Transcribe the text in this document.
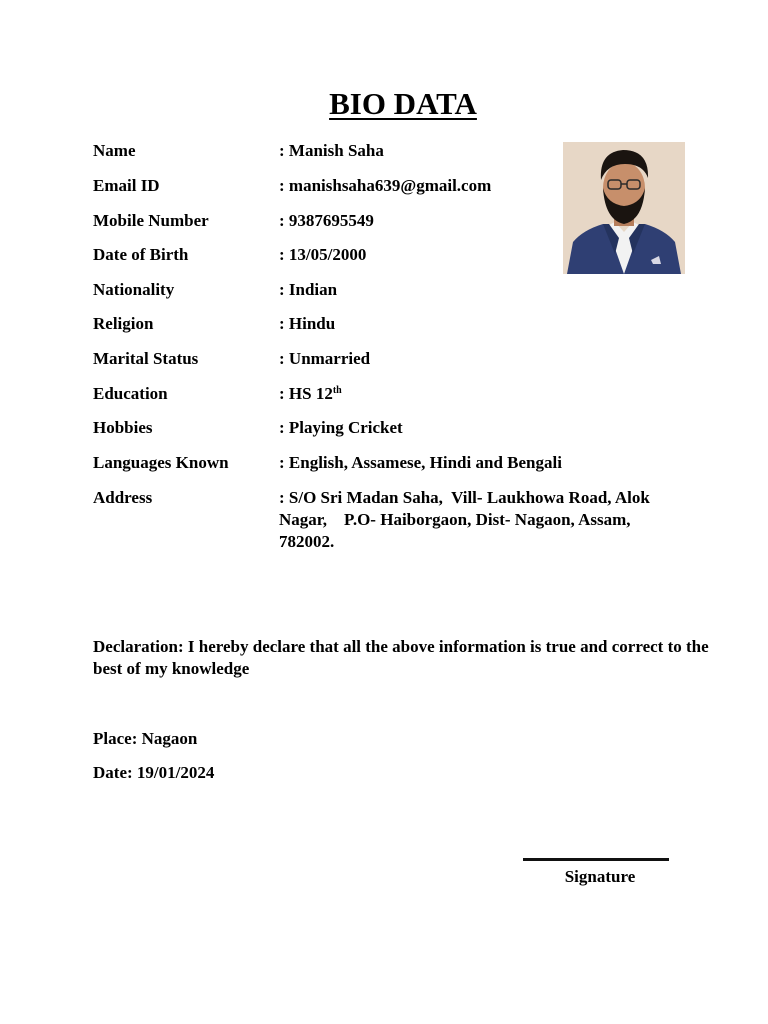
BIO DATA
Name	: Manish Saha
Email ID	: manishsaha639@gmail.com
Mobile Number	: 9387695549
Date of Birth	: 13/05/2000
Nationality	: Indian
Religion	: Hindu
Marital Status	: Unmarried
Education	: HS 12th
Hobbies	: Playing Cricket
Languages Known	: English, Assamese, Hindi and Bengali
Address	: S/O Sri Madan Saha,  Vill- Laukhowa Road, Alok Nagar,    P.O- Haiborgaon, Dist- Nagaon, Assam, 782002.
Declaration: I hereby declare that all the above information is true and correct to the best of my knowledge
Place: Nagaon
Date: 19/01/2024
Signature
